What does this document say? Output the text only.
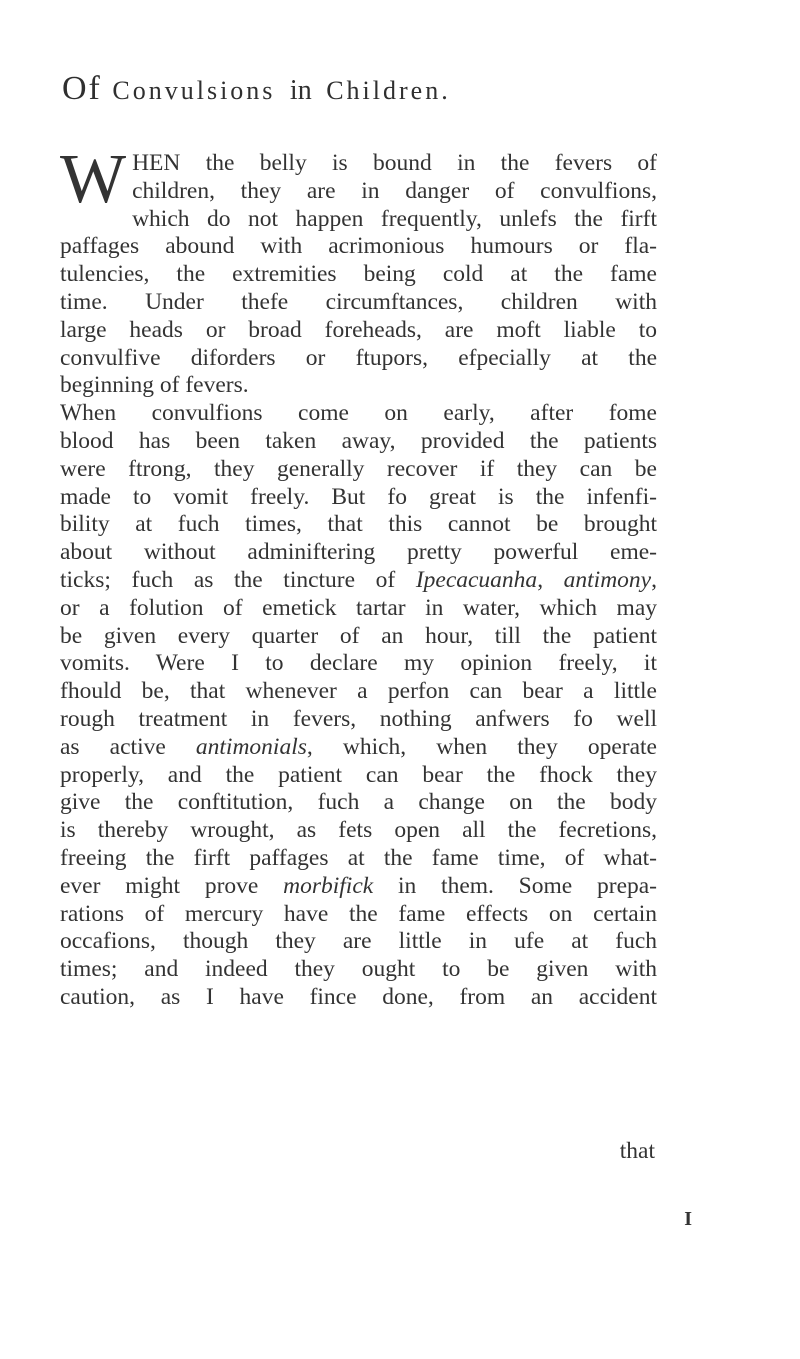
Of Convulsions in Children.
W HEN the belly is bound in the fevers of
children, they are in danger of convulfions,
which do not happen frequently, unlefs the firft
paffages abound with acrimonious humours or fla-
tulencies, the extremities being cold at the fame
time. Under thefe circumftances, children with
large heads or broad foreheads, are moft liable to
convulfive diforders or ftupors, efpecially at the
beginning of fevers.
When convulfions come on early, after fome
blood has been taken away, provided the patients
were ftrong, they generally recover if they can be
made to vomit freely. But fo great is the infenfi-
bility at fuch times, that this cannot be brought
about without adminiftering pretty powerful eme-
ticks; fuch as the tincture of Ipecacuanha, antimony,
or a folution of emetick tartar in water, which may
be given every quarter of an hour, till the patient
vomits. Were I to declare my opinion freely, it
fhould be, that whenever a perfon can bear a little
rough treatment in fevers, nothing anfwers fo well
as active antimonials, which, when they operate
properly, and the patient can bear the fhock they
give the conftitution, fuch a change on the body
is thereby wrought, as fets open all the fecretions,
freeing the firft paffages at the fame time, of what-
ever might prove morbifick in them. Some prepa-
rations of mercury have the fame effects on certain
occafions, though they are little in ufe at fuch
times; and indeed they ought to be given with
caution, as I have fince done, from an accident
that
I
